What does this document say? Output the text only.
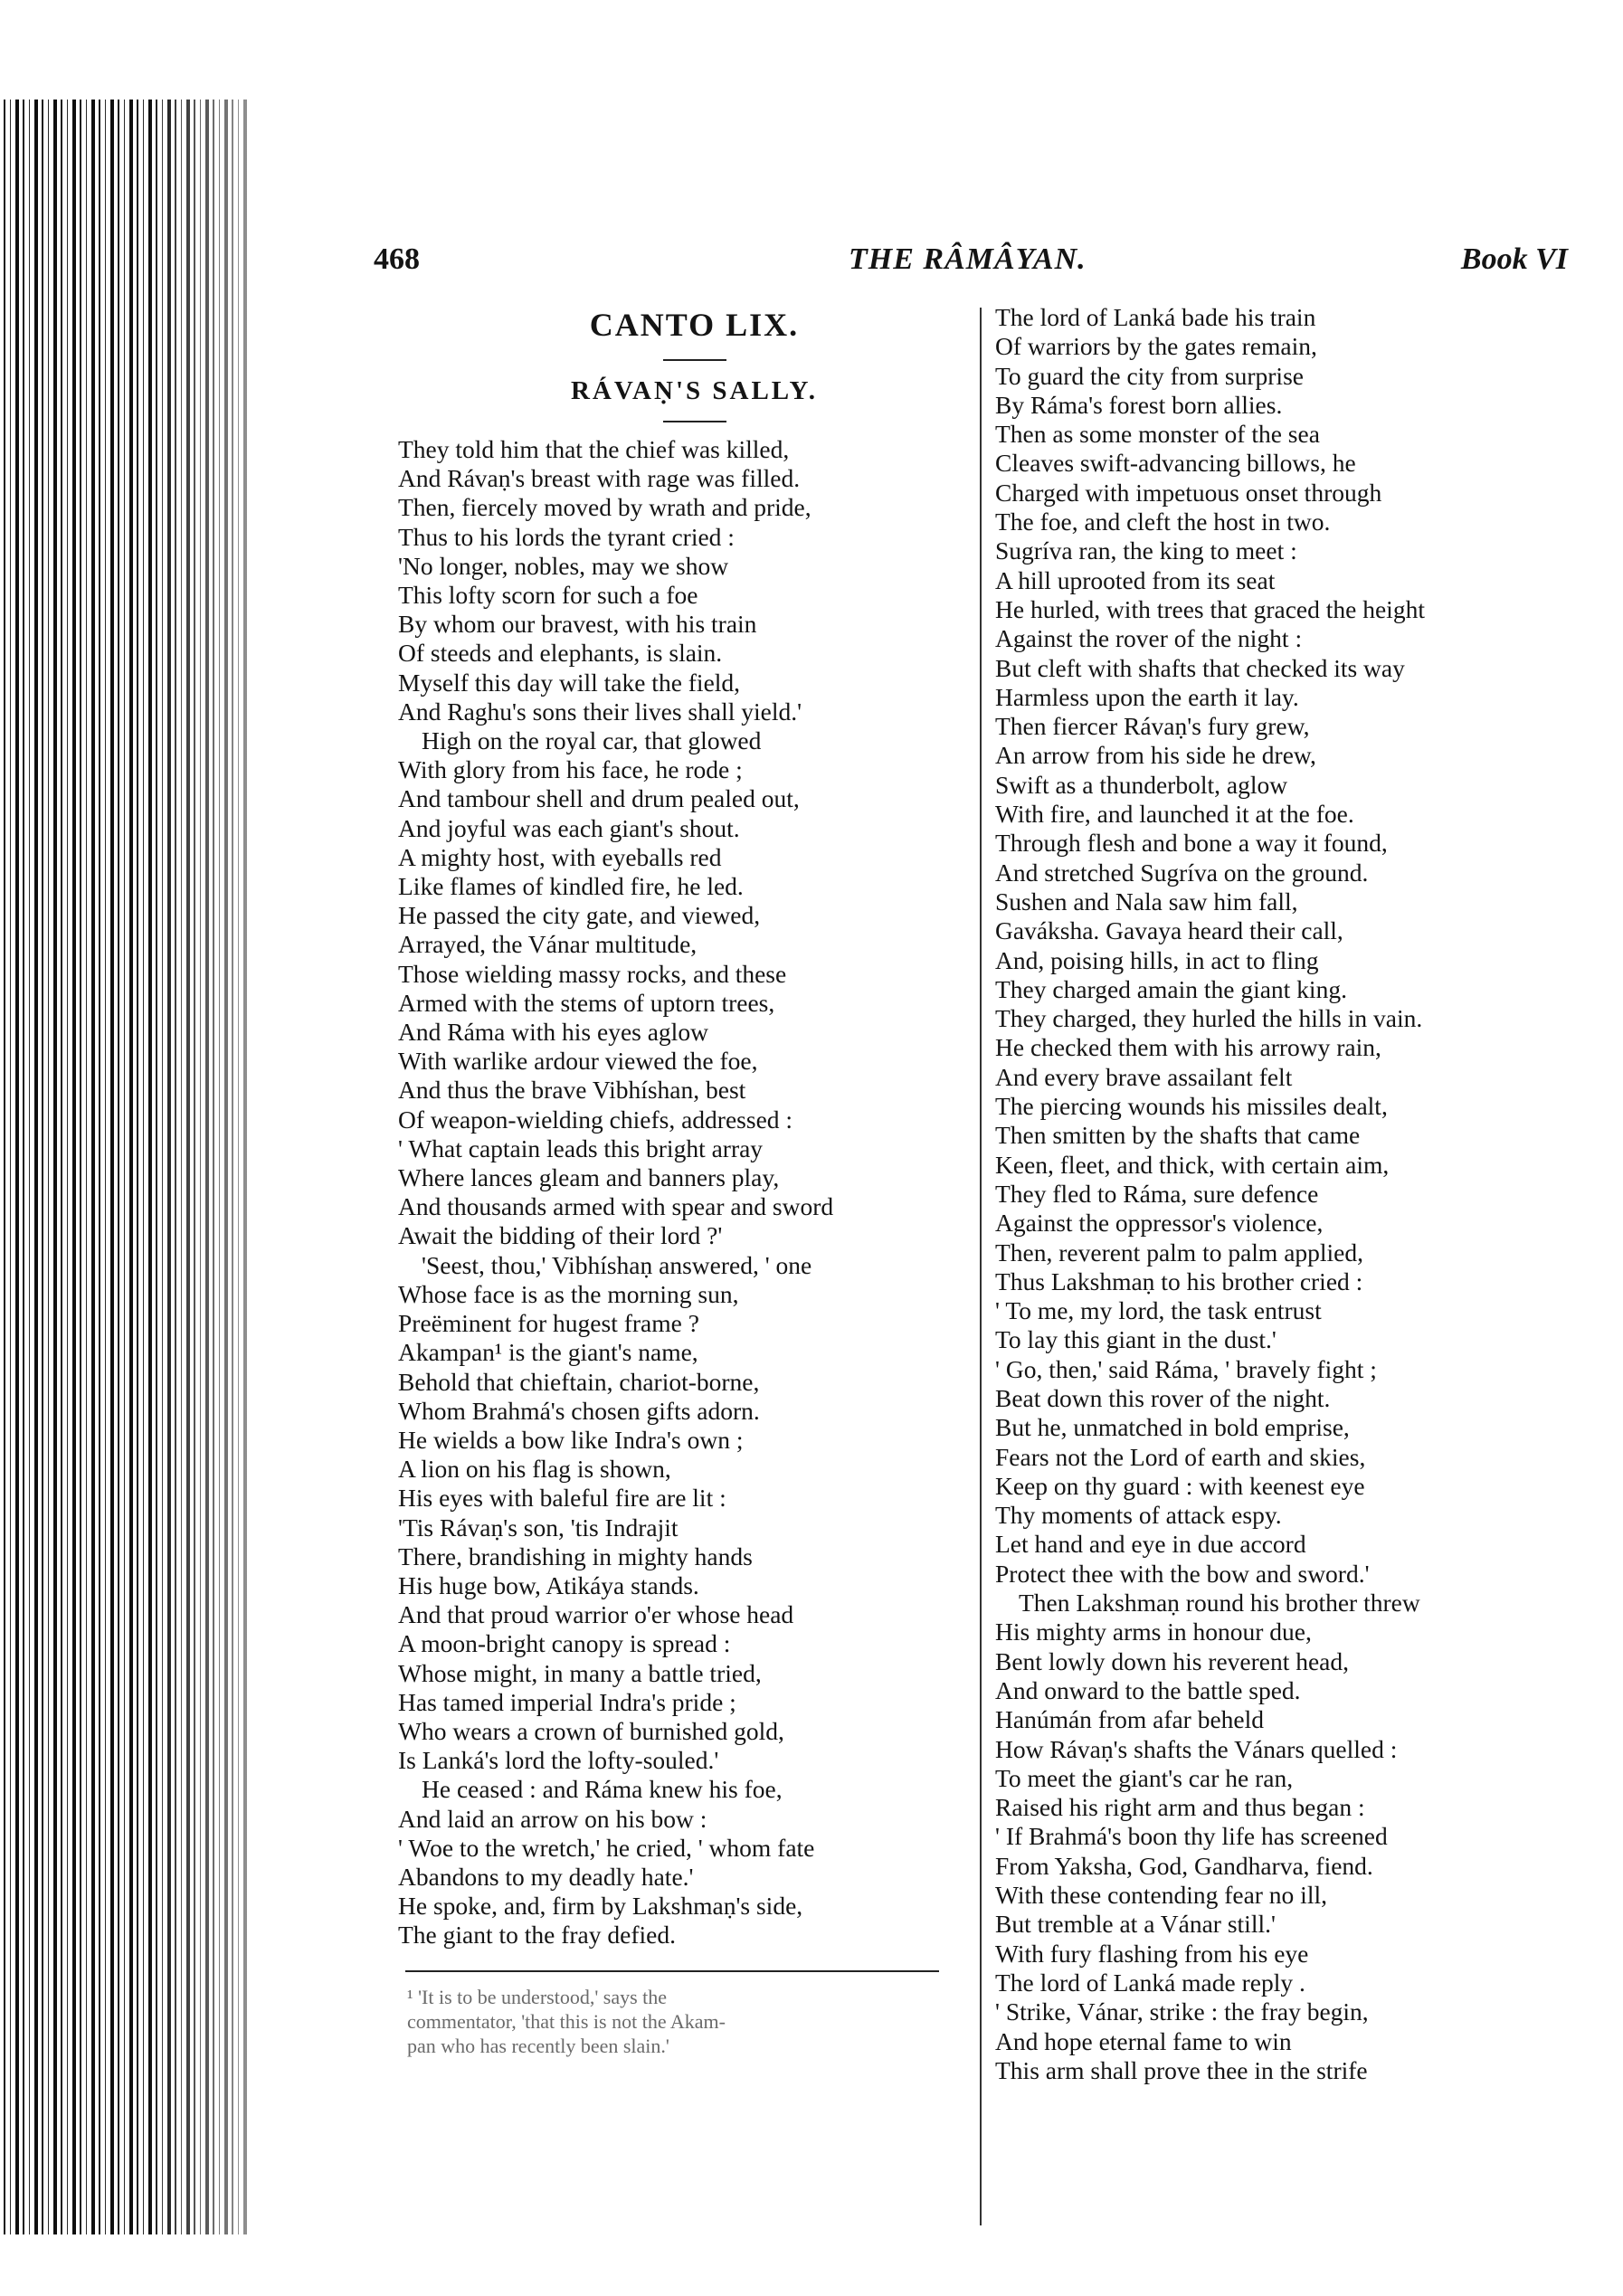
468	THE RÂMÂYAN.	Book VI
CANTO LIX.
RÁVAṆ'S SALLY.
They told him that the chief was killed,
And Rávaṇ's breast with rage was filled.
Then, fiercely moved by wrath and pride,
Thus to his lords the tyrant cried :
'No longer, nobles, may we show
This lofty scorn for such a foe
By whom our bravest, with his train
Of steeds and elephants, is slain.
Myself this day will take the field,
And Raghu's sons their lives shall yield.'
High on the royal car, that glowed
With glory from his face, he rode ;
And tambour shell and drum pealed out,
And joyful was each giant's shout.
A mighty host, with eyeballs red
Like flames of kindled fire, he led.
He passed the city gate, and viewed,
Arrayed, the Vánar multitude,
Those wielding massy rocks, and these
Armed with the stems of uptorn trees,
And Ráma with his eyes aglow
With warlike ardour viewed the foe,
And thus the brave Vibhíshan, best
Of weapon-wielding chiefs, addressed :
' What captain leads this bright array
Where lances gleam and banners play,
And thousands armed with spear and sword
Await the bidding of their lord ?'
'Seest, thou,' Vibhíshaṇ answered, ' one
Whose face is as the morning sun,
Preëminent for hugest frame ?
Akampan¹ is the giant's name,
Behold that chieftain, chariot-borne,
Whom Brahmá's chosen gifts adorn.
He wields a bow like Indra's own ;
A lion on his flag is shown,
His eyes with baleful fire are lit :
'Tis Rávaṇ's son, 'tis Indrajit
There, brandishing in mighty hands
His huge bow, Atikáya stands.
And that proud warrior o'er whose head
A moon-bright canopy is spread :
Whose might, in many a battle tried,
Has tamed imperial Indra's pride ;
Who wears a crown of burnished gold,
Is Lanká's lord the lofty-souled.'
He ceased : and Ráma knew his foe,
And laid an arrow on his bow :
' Woe to the wretch,' he cried, ' whom fate
Abandons to my deadly hate.'
He spoke, and, firm by Lakshmaṇ's side,
The giant to the fray defied.

¹ 'It is to be understood,' says the

commentator, 'that this is not the Akam-

pan who has recently been slain.'

The lord of Lanká bade his train
Of warriors by the gates remain,
To guard the city from surprise
By Ráma's forest born allies.
Then as some monster of the sea
Cleaves swift-advancing billows, he
Charged with impetuous onset through
The foe, and cleft the host in two.
Sugríva ran, the king to meet :
A hill uprooted from its seat
He hurled, with trees that graced the height
Against the rover of the night :
But cleft with shafts that checked its way
Harmless upon the earth it lay.
Then fiercer Rávaṇ's fury grew,
An arrow from his side he drew,
Swift as a thunderbolt, aglow
With fire, and launched it at the foe.
Through flesh and bone a way it found,
And stretched Sugríva on the ground.
Sushen and Nala saw him fall,
Gaváksha. Gavaya heard their call,
And, poising hills, in act to fling
They charged amain the giant king.
They charged, they hurled the hills in vain.
He checked them with his arrowy rain,
And every brave assailant felt
The piercing wounds his missiles dealt,
Then smitten by the shafts that came
Keen, fleet, and thick, with certain aim,
They fled to Ráma, sure defence
Against the oppressor's violence,
Then, reverent palm to palm applied,
Thus Lakshmaṇ to his brother cried :
' To me, my lord, the task entrust
To lay this giant in the dust.'
' Go, then,' said Ráma, ' bravely fight ;
Beat down this rover of the night.
But he, unmatched in bold emprise,
Fears not the Lord of earth and skies,
Keep on thy guard : with keenest eye
Thy moments of attack espy.
Let hand and eye in due accord
Protect thee with the bow and sword.'
Then Lakshmaṇ round his brother threw
His mighty arms in honour due,
Bent lowly down his reverent head,
And onward to the battle sped.
Hanúmán from afar beheld
How Rávaṇ's shafts the Vánars quelled :
To meet the giant's car he ran,
Raised his right arm and thus began :
' If Brahmá's boon thy life has screened
From Yaksha, God, Gandharva, fiend.
With these contending fear no ill,
But tremble at a Vánar still.'
With fury flashing from his eye
The lord of Lanká made reply .
' Strike, Vánar, strike : the fray begin,
And hope eternal fame to win
This arm shall prove thee in the strife
